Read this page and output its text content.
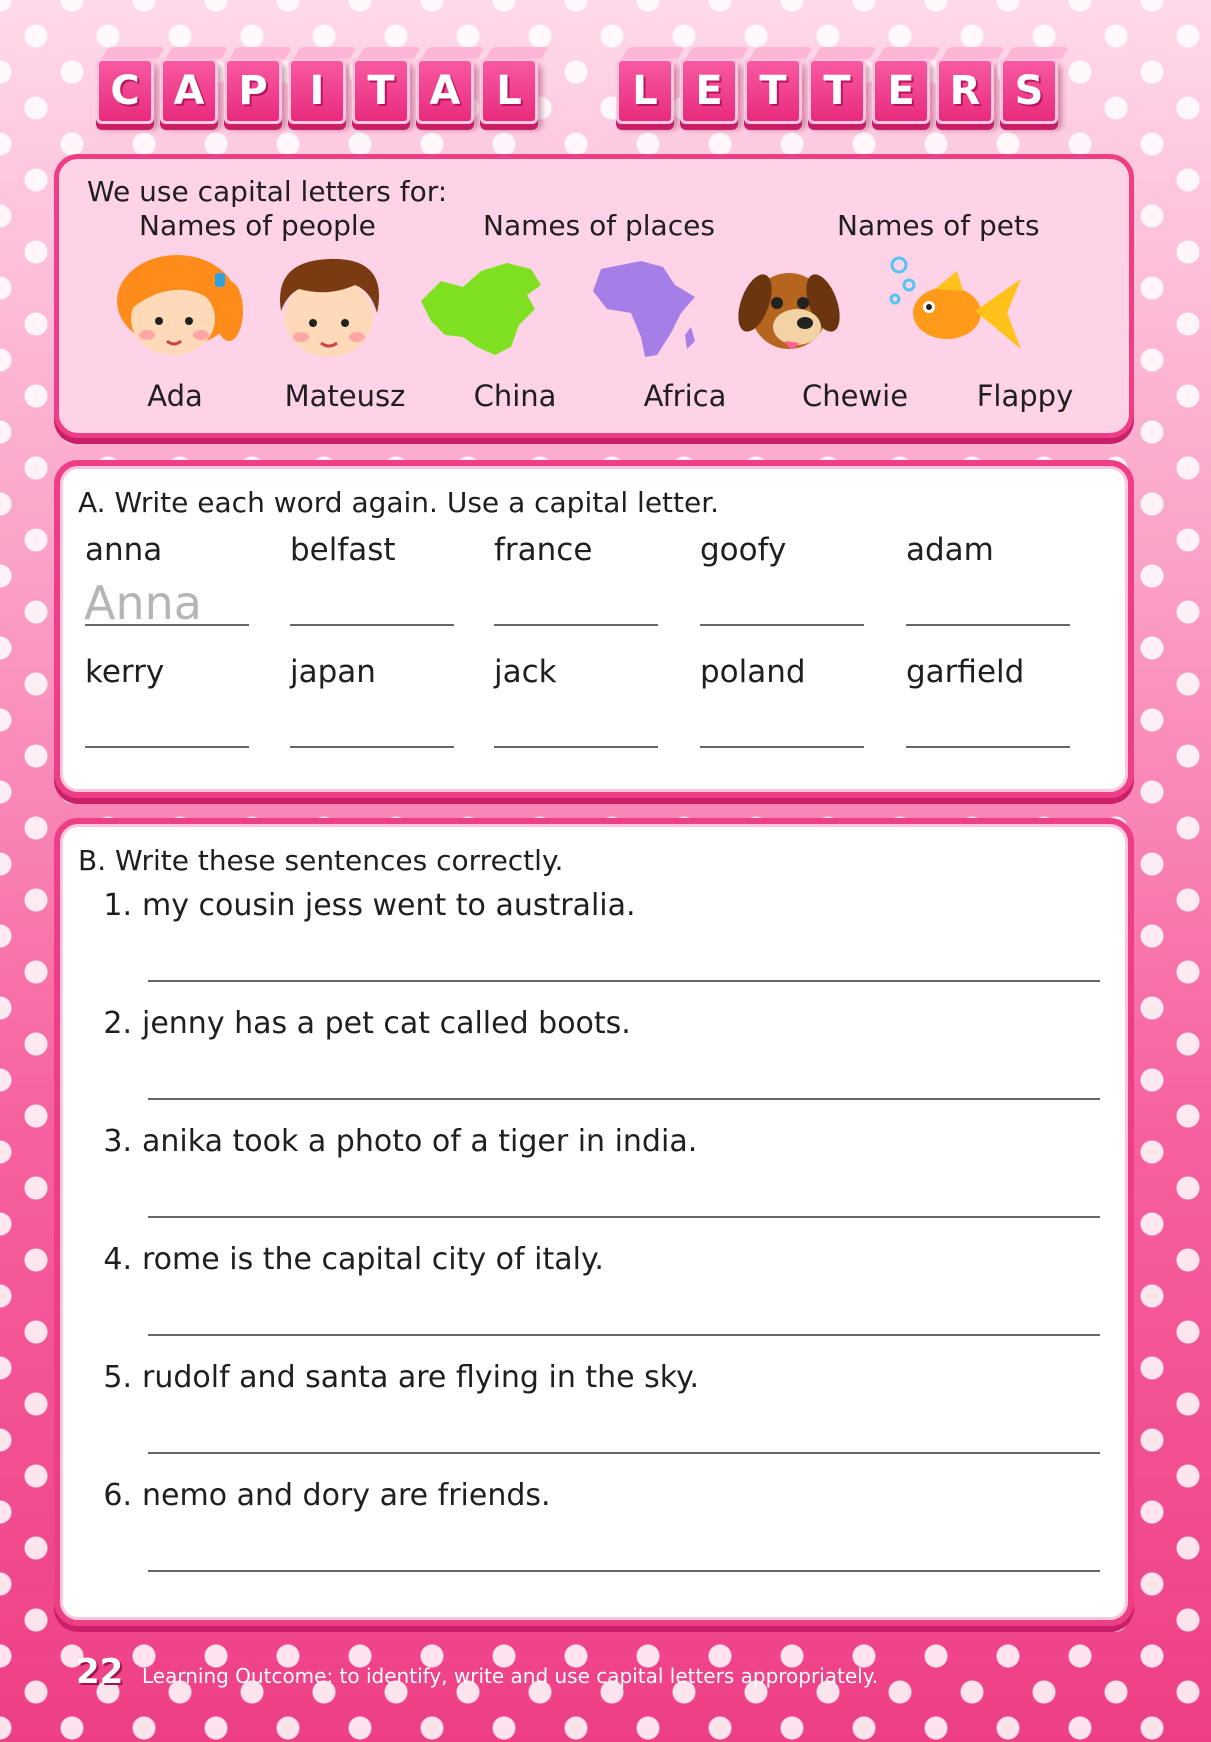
C A P	I	T A L	L E T T E R S
We use capital letters for:
Names of people	Names of places	Names of pets
Ada	Mateusz	China	Africa	Chewie	Flappy
A. Write each word again. Use a capital letter.
anna	belfast	france	goofy	adam
Anna
kerry	japan	jack	poland	garfield
B. Write these sentences correctly.
1. my cousin jess went to australia.
2. jenny has a pet cat called boots.
3. anika took a photo of a tiger in india.
4. rome is the capital city of italy.
5. rudolf and santa are flying in the sky.
6. nemo and dory are friends.
22 Learning Outcome: to identify, write and use capital letters appropriately.
